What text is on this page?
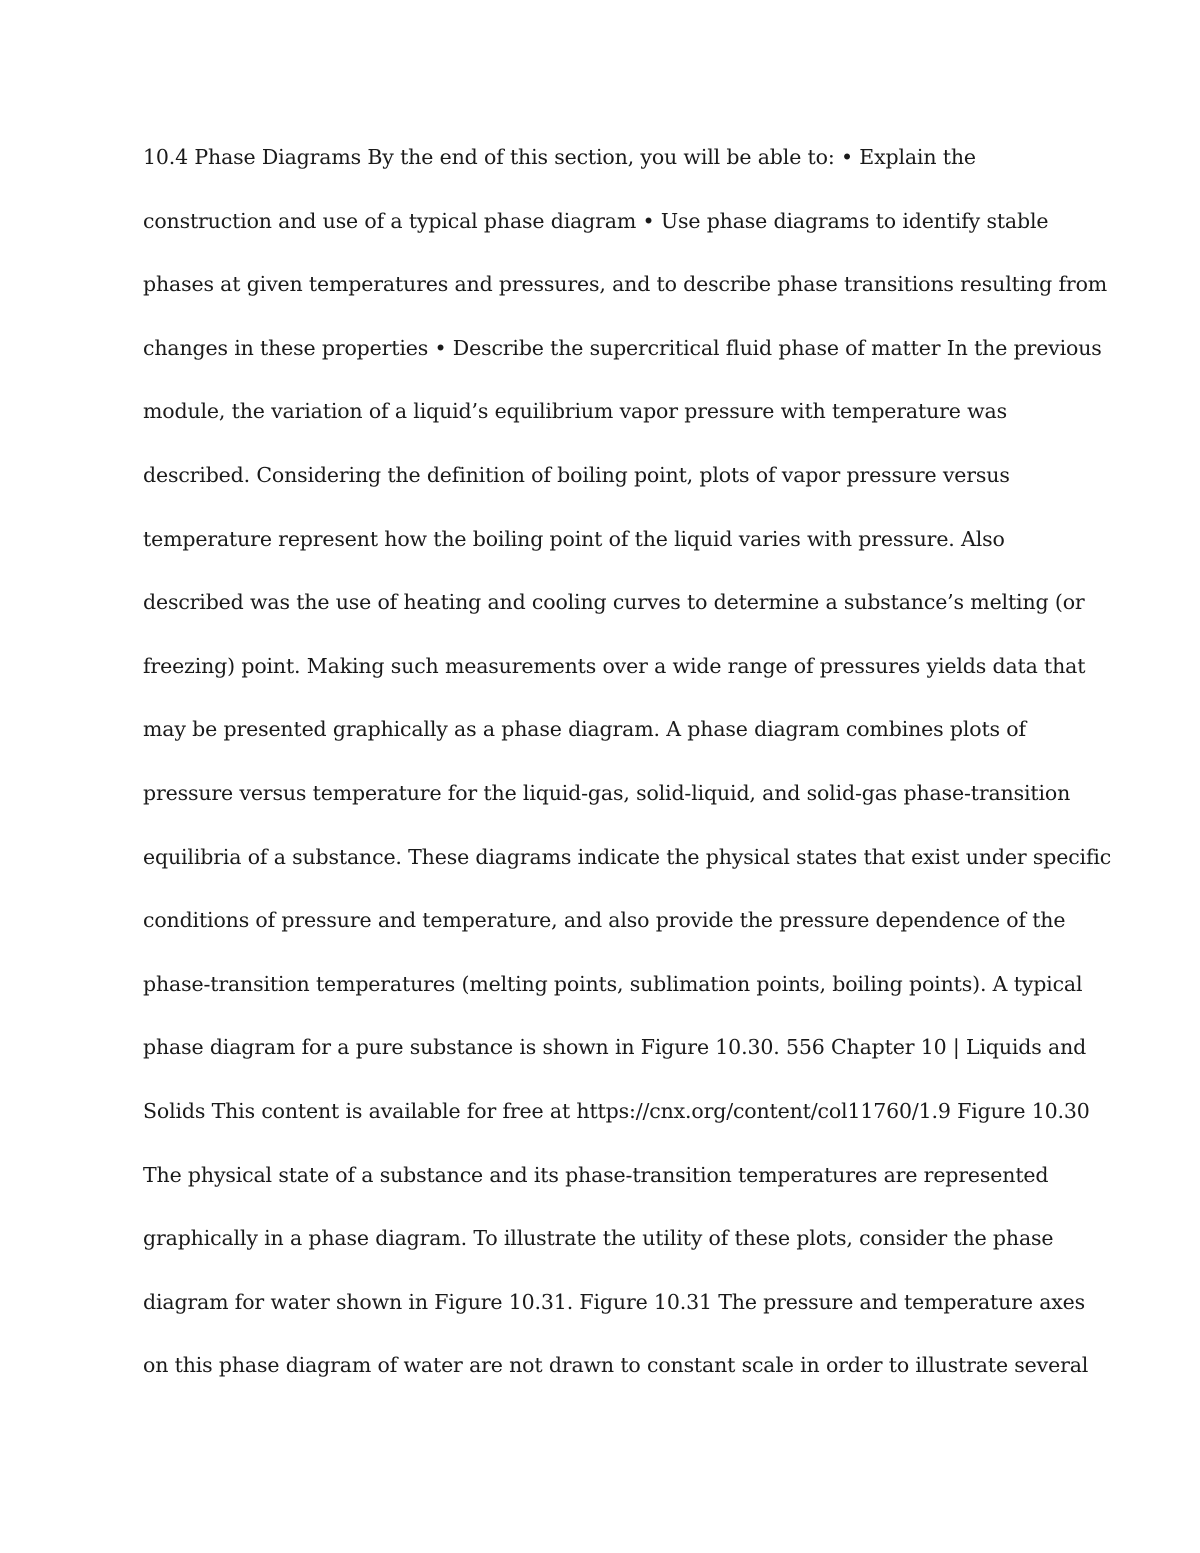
10.4 Phase Diagrams By the end of this section, you will be able to: • Explain the
construction and use of a typical phase diagram • Use phase diagrams to identify stable
phases at given temperatures and pressures, and to describe phase transitions resulting from
changes in these properties • Describe the supercritical fluid phase of matter In the previous
module, the variation of a liquid’s equilibrium vapor pressure with temperature was
described. Considering the definition of boiling point, plots of vapor pressure versus
temperature represent how the boiling point of the liquid varies with pressure. Also
described was the use of heating and cooling curves to determine a substance’s melting (or
freezing) point. Making such measurements over a wide range of pressures yields data that
may be presented graphically as a phase diagram. A phase diagram combines plots of
pressure versus temperature for the liquid-gas, solid-liquid, and solid-gas phase-transition
equilibria of a substance. These diagrams indicate the physical states that exist under specific
conditions of pressure and temperature, and also provide the pressure dependence of the
phase-transition temperatures (melting points, sublimation points, boiling points). A typical
phase diagram for a pure substance is shown in Figure 10.30. 556 Chapter 10 | Liquids and
Solids This content is available for free at https://cnx.org/content/col11760/1.9 Figure 10.30
The physical state of a substance and its phase-transition temperatures are represented
graphically in a phase diagram. To illustrate the utility of these plots, consider the phase
diagram for water shown in Figure 10.31. Figure 10.31 The pressure and temperature axes
on this phase diagram of water are not drawn to constant scale in order to illustrate several
